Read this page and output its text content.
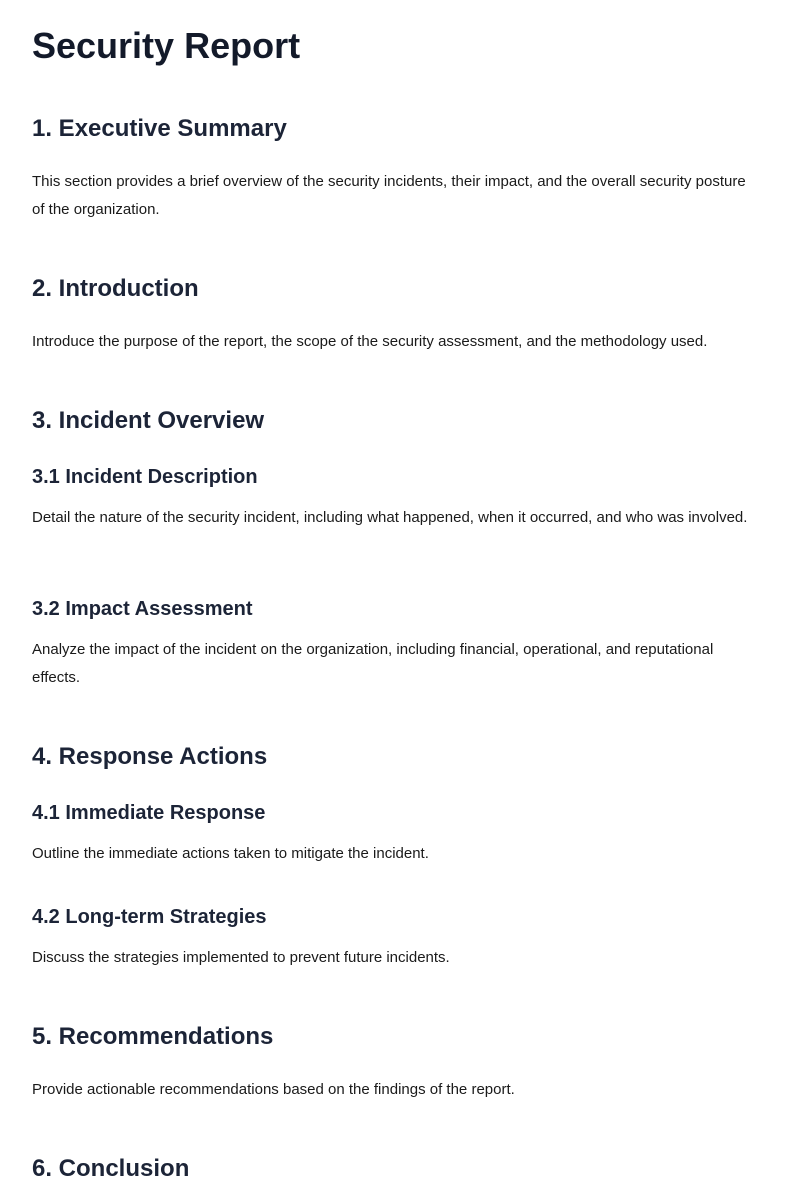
Security Report
1. Executive Summary

This section provides a brief overview of the security incidents, their impact, and the overall security posture of the organization.

2. Introduction

Introduce the purpose of the report, the scope of the security assessment, and the methodology used.

3. Incident Overview
3.1 Incident Description

Detail the nature of the security incident, including what happened, when it occurred, and who was involved.

3.2 Impact Assessment

Analyze the impact of the incident on the organization, including financial, operational, and reputational effects.

4. Response Actions
4.1 Immediate Response

Outline the immediate actions taken to mitigate the incident.

4.2 Long-term Strategies

Discuss the strategies implemented to prevent future incidents.

5. Recommendations

Provide actionable recommendations based on the findings of the report.

6. Conclusion
